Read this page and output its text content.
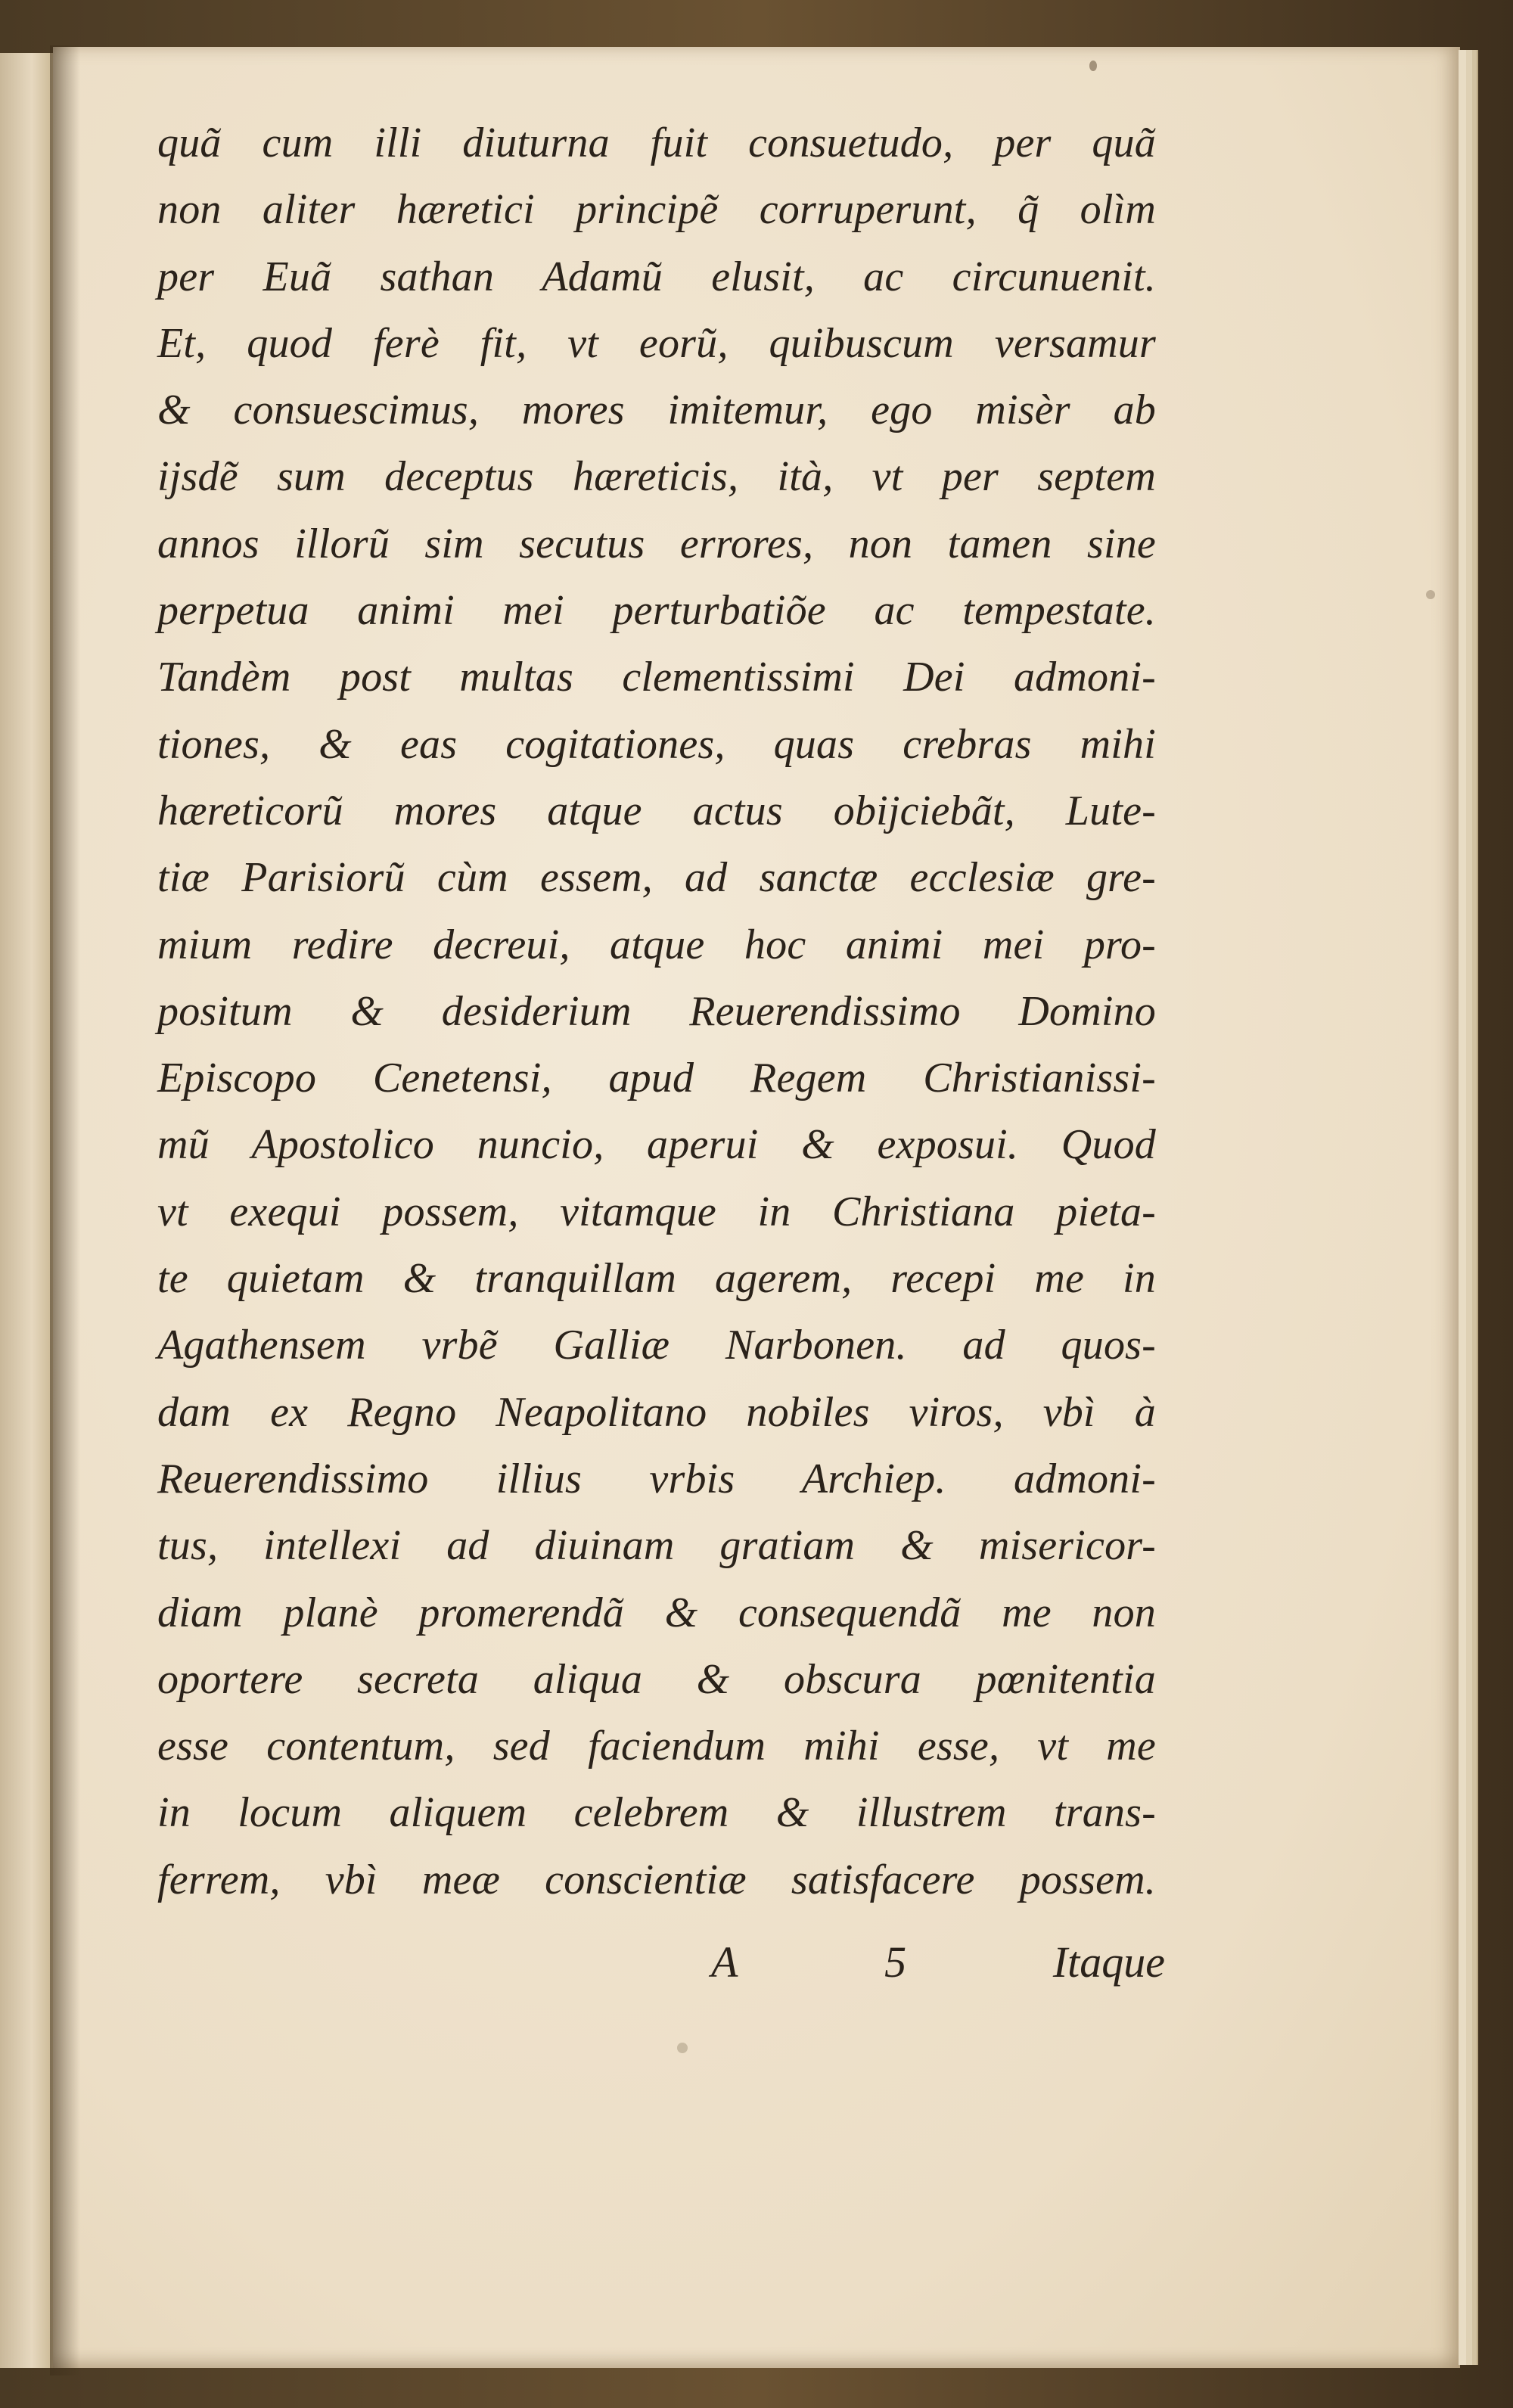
quã cum illi diuturna fuit consuetudo, per quã
non aliter hæretici principẽ corruperunt, q̃ olìm
per Euã sathan Adamũ elusit, ac circunuenit.
Et, quod ferè fit, vt eorũ, quibuscum versamur
& consuescimus, mores imitemur, ego misèr ab
ijsdẽ sum deceptus hæreticis, ità, vt per septem
annos illorũ sim secutus errores, non tamen sine
perpetua animi mei perturbatiõe ac tempestate.
Tandèm post multas clementissimi Dei admoni-
tiones, & eas cogitationes, quas crebras mihi
hæreticorũ mores atque actus obijciebãt, Lute-
tiæ Parisiorũ cùm essem, ad sanctæ ecclesiæ gre-
mium redire decreui, atque hoc animi mei pro-
positum & desiderium Reuerendissimo Domino
Episcopo Cenetensi, apud Regem Christianissi-
mũ Apostolico nuncio, aperui & exposui. Quod
vt exequi possem, vitamque in Christiana pieta-
te quietam & tranquillam agerem, recepi me in
Agathensem vrbẽ Galliæ Narbonen. ad quos-
dam ex Regno Neapolitano nobiles viros, vbì à
Reuerendissimo illius vrbis Archiep. admoni-
tus, intellexi ad diuinam gratiam & misericor-
diam planè promerendã & consequendã me non
oportere secreta aliqua & obscura pœnitentia
esse contentum, sed faciendum mihi esse, vt me
in locum aliquem celebrem & illustrem trans-
ferrem, vbì meæ conscientiæ satisfacere possem.
A	5	Itaque
